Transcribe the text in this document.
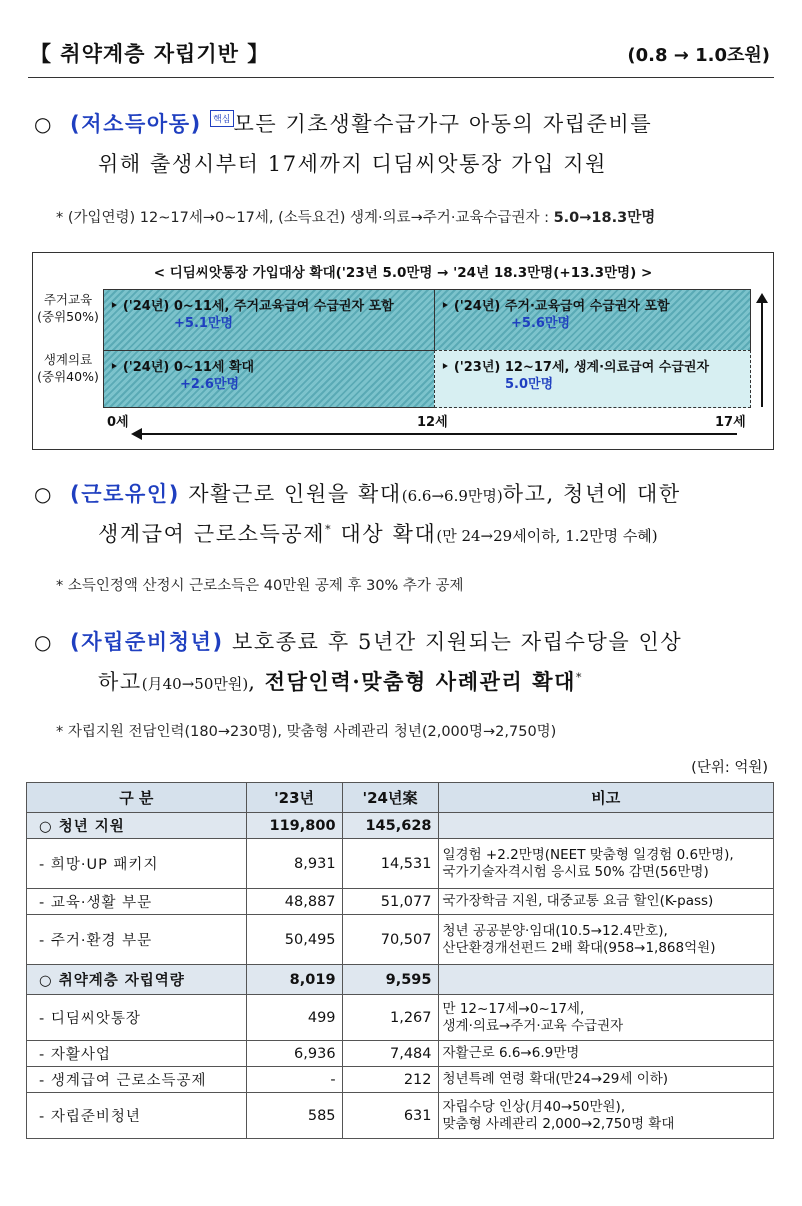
【 취약계층 자립기반 】	(0.8 → 1.0조원)
○ (저소득아동) 핵심 모든 기초생활수급가구 아동의 자립준비를
위해 출생시부터 17세까지 디딤씨앗통장 가입 지원
* (가입연령) 12~17세→0~17세, (소득요건) 생계·의료→주거·교육수급권자 : 5.0→18.3만명
< 디딤씨앗통장 가입대상 확대('23년 5.0만명 → '24년 18.3만명(+13.3만명) >
주거교육
(중위50%)
생계의료
(중위40%)
‣ ('24년) 0~11세, 주거교육급여 수급권자 포함
+5.1만명
‣ ('24년) 주거·교육급여 수급권자 포함
+5.6만명
‣ ('24년) 0~11세 확대
+2.6만명
‣ ('23년) 12~17세, 생계·의료급여 수급권자
5.0만명
0세	12세	17세
○ (근로유인) 자활근로 인원을 확대(6.6→6.9만명)하고, 청년에 대한
생계급여 근로소득공제* 대상 확대(만 24→29세이하, 1.2만명 수혜)
* 소득인정액 산정시 근로소득은 40만원 공제 후 30% 추가 공제
○ (자립준비청년) 보호종료 후 5년간 지원되는 자립수당을 인상
하고(月40→50만원), 전담인력·맞춤형 사례관리 확대*
* 자립지원 전담인력(180→230명), 맞춤형 사례관리 청년(2,000명→2,750명)
(단위: 억원)
구 분	'23년	'24년案	비고
○ 청년 지원	119,800	145,628	

- 희망·UP 패키지	8,931	14,531	일경험 +2.2만명(NEET 맞춤형 일경험 0.6만명),
국가기술자격시험 응시료 50% 감면(56만명)

- 교육·생활 부문	48,887	51,077	국가장학금 지원, 대중교통 요금 할인(K-pass)

- 주거·환경 부문	50,495	70,507	청년 공공분양·임대(10.5→12.4만호),
산단환경개선펀드 2배 확대(958→1,868억원)

○ 취약계층 자립역량	8,019	9,595	

- 디딤씨앗통장	499	1,267	만 12~17세→0~17세,
생계·의료→주거·교육 수급권자

- 자활사업	6,936	7,484	자활근로 6.6→6.9만명

- 생계급여 근로소득공제	-	212	청년특례 연령 확대(만24→29세 이하)

- 자립준비청년	585	631	자립수당 인상(月40→50만원),
맞춤형 사례관리 2,000→2,750명 확대
